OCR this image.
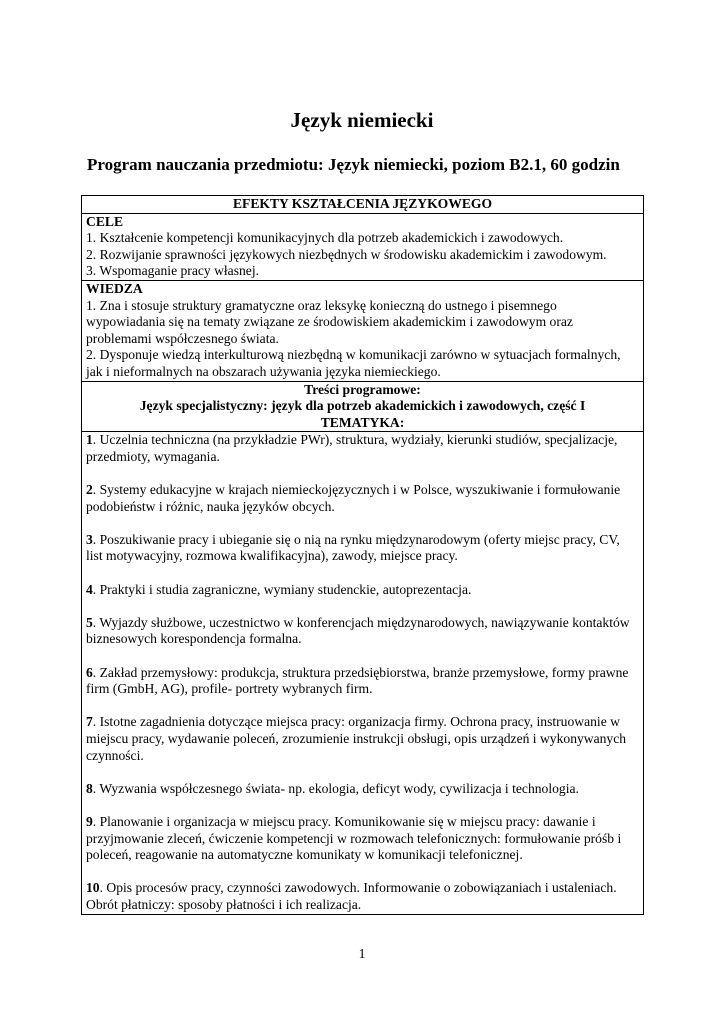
Język niemiecki
Program nauczania przedmiotu: Język niemiecki, poziom B2.1, 60 godzin
EFEKTY KSZTAŁCENIA JĘZYKOWEGO

CELE
1. Kształcenie kompetencji komunikacyjnych dla potrzeb akademickich i zawodowych.
2. Rozwijanie sprawności językowych niezbędnych w środowisku akademickim i zawodowym.
3. Wspomaganie pracy własnej.

WIEDZA
1. Zna i stosuje struktury gramatyczne oraz leksykę konieczną do ustnego i pisemnego wypowiadania się na tematy związane ze środowiskiem akademickim i zawodowym oraz problemami współczesnego świata.
2. Dysponuje wiedzą interkulturową niezbędną w komunikacji zarówno w sytuacjach formalnych, jak i nieformalnych na obszarach używania języka niemieckiego.

Treści programowe:
Język specjalistyczny: język dla potrzeb akademickich i zawodowych, część I
TEMATYKA:

1. Uczelnia techniczna (na przykładzie PWr), struktura, wydziały, kierunki studiów, specjalizacje, przedmioty, wymagania.
2. Systemy edukacyjne w krajach niemieckojęzycznych i w Polsce, wyszukiwanie i formułowanie podobieństw i różnic, nauka języków obcych.
3. Poszukiwanie pracy i ubieganie się o nią na rynku międzynarodowym (oferty miejsc pracy, CV, list motywacyjny, rozmowa kwalifikacyjna), zawody, miejsce pracy.
4. Praktyki i studia zagraniczne, wymiany studenckie, autoprezentacja.
5. Wyjazdy służbowe, uczestnictwo w konferencjach międzynarodowych, nawiązywanie kontaktów biznesowych korespondencja formalna.
6. Zakład przemysłowy: produkcja, struktura przedsiębiorstwa, branże przemysłowe, formy prawne firm (GmbH, AG), profile- portrety wybranych firm.
7. Istotne zagadnienia dotyczące miejsca pracy: organizacja firmy. Ochrona pracy, instruowanie w miejscu pracy, wydawanie poleceń, zrozumienie instrukcji obsługi, opis urządzeń i wykonywanych czynności.
8. Wyzwania współczesnego świata- np. ekologia, deficyt wody, cywilizacja i technologia.
9. Planowanie i organizacja w miejscu pracy. Komunikowanie się w miejscu pracy: dawanie i przyjmowanie zleceń, ćwiczenie kompetencji w rozmowach telefonicznych: formułowanie próśb i poleceń, reagowanie na automatyczne komunikaty w komunikacji telefonicznej.
10. Opis procesów pracy, czynności zawodowych. Informowanie o zobowiązaniach i ustaleniach. Obrót płatniczy: sposoby płatności i ich realizacja.
1
